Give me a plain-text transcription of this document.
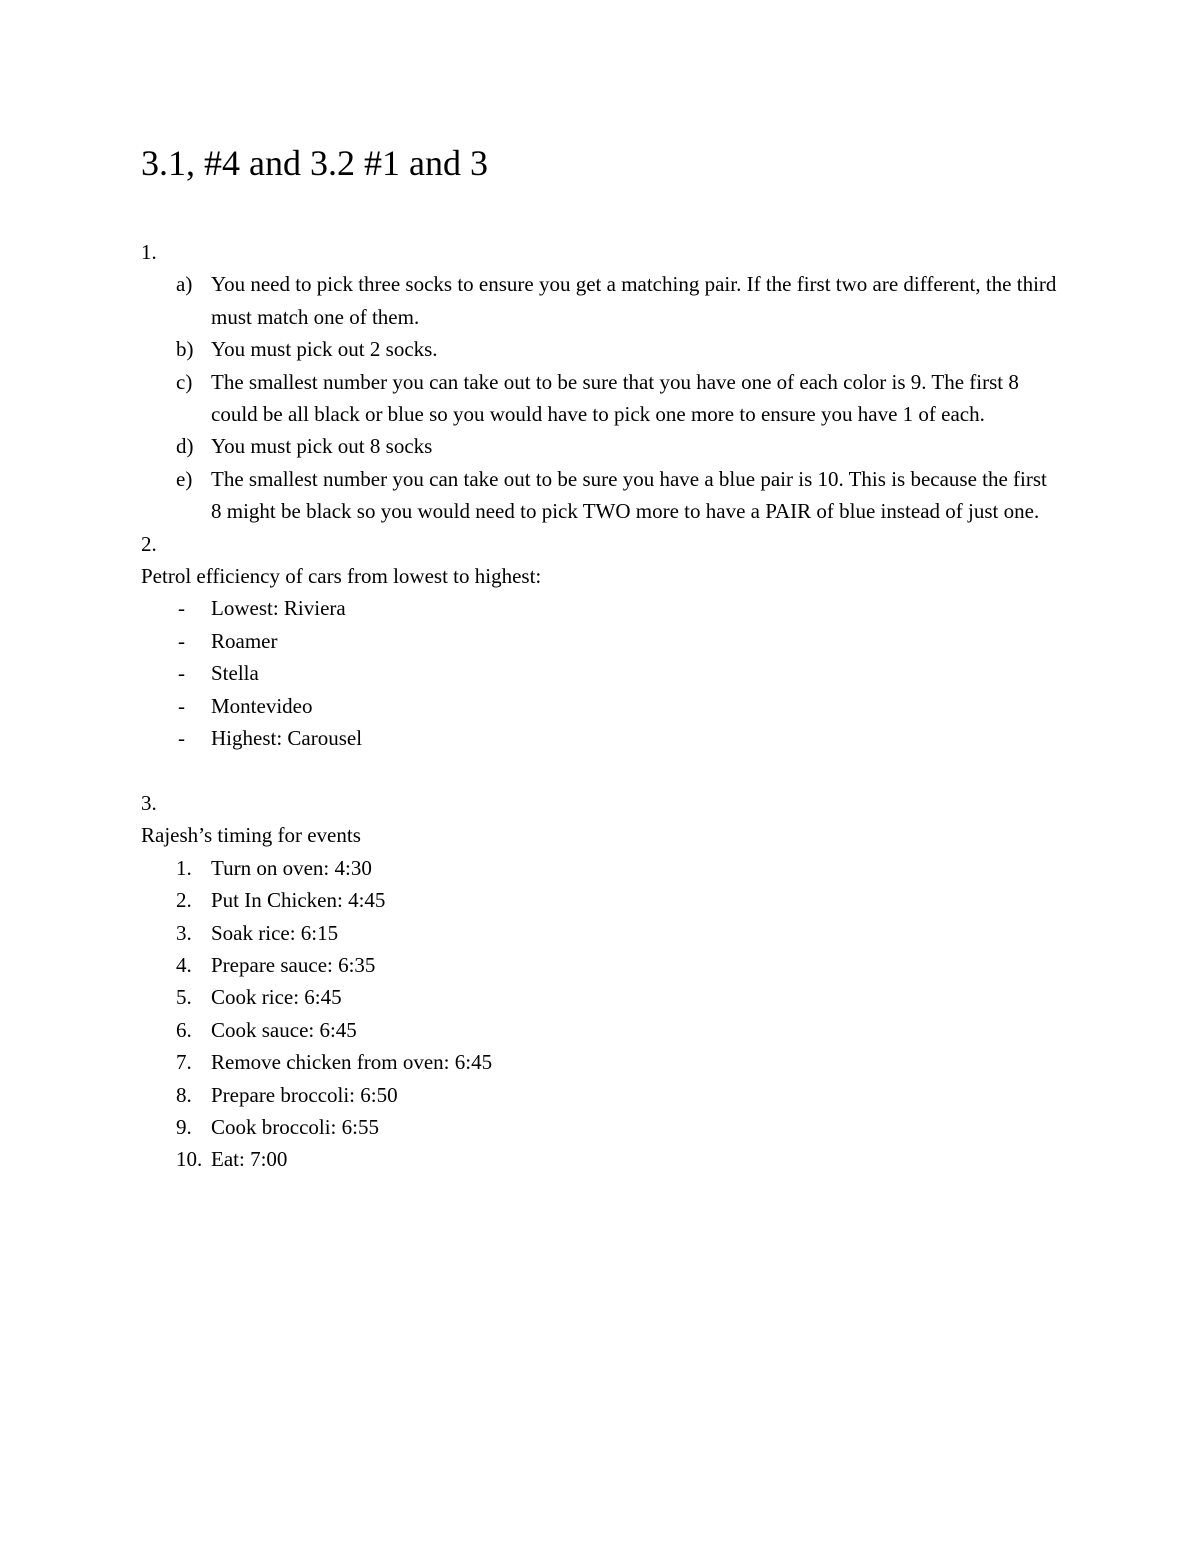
3.1, #4 and 3.2 #1 and 3
1.
a) You need to pick three socks to ensure you get a matching pair. If the first two are different, the third must match one of them.
b) You must pick out 2 socks.
c) The smallest number you can take out to be sure that you have one of each color is 9. The first 8 could be all black or blue so you would have to pick one more to ensure you have 1 of each.
d) You must pick out 8 socks
e) The smallest number you can take out to be sure you have a blue pair is 10. This is because the first 8 might be black so you would need to pick TWO more to have a PAIR of blue instead of just one.
2.
Petrol efficiency of cars from lowest to highest:
- Lowest: Riviera
- Roamer
- Stella
- Montevideo
- Highest: Carousel
3.
Rajesh’s timing for events
1. Turn on oven: 4:30
2. Put In Chicken: 4:45
3. Soak rice: 6:15
4. Prepare sauce: 6:35
5. Cook rice: 6:45
6. Cook sauce: 6:45
7. Remove chicken from oven: 6:45
8. Prepare broccoli: 6:50
9. Cook broccoli: 6:55
10. Eat: 7:00
